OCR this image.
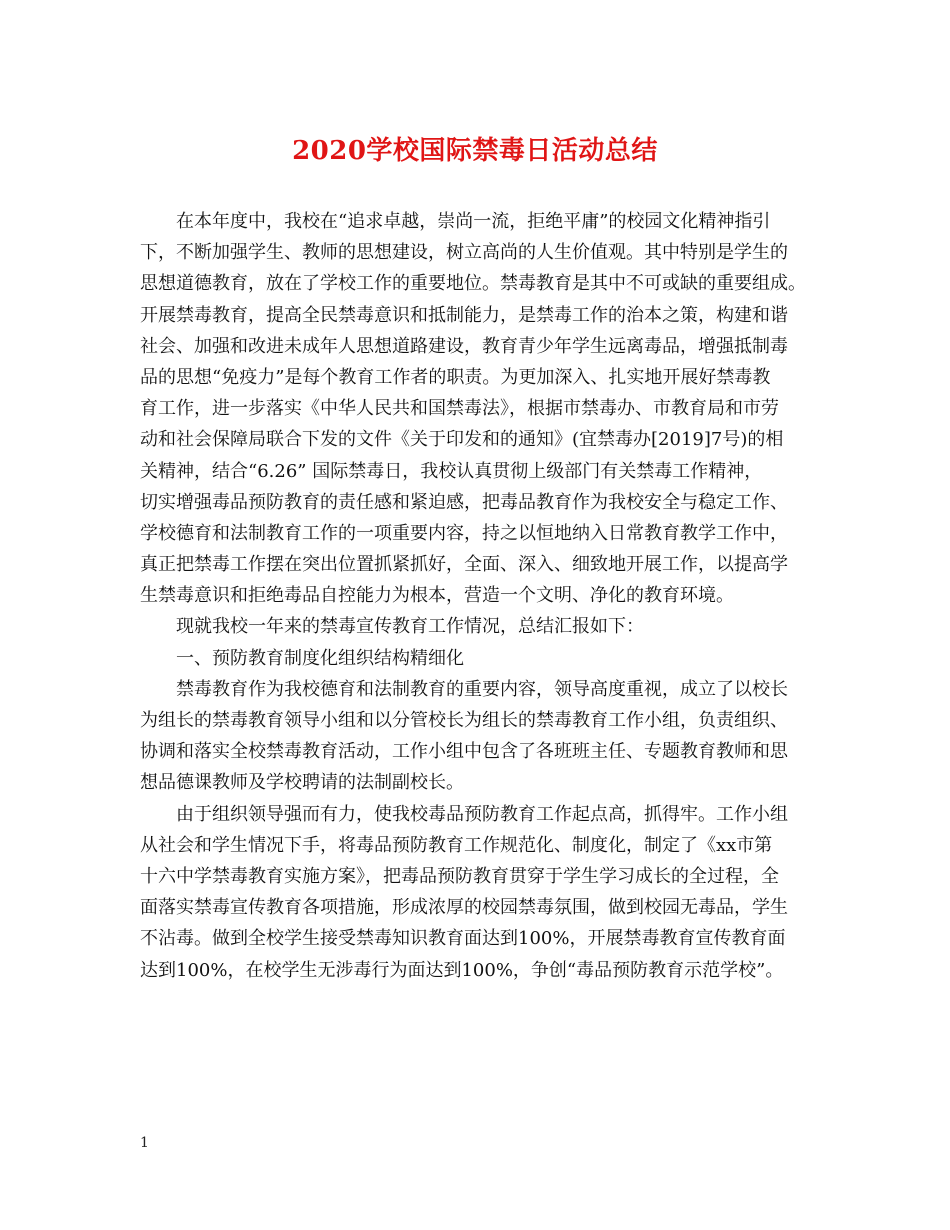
2020学校国际禁毒日活动总结
　　在本年度中，我校在“追求卓越，崇尚一流，拒绝平庸”的校园文化精神指引
下，不断加强学生、教师的思想建设，树立高尚的人生价值观。其中特别是学生的
思想道德教育，放在了学校工作的重要地位。禁毒教育是其中不可或缺的重要组成。
开展禁毒教育，提高全民禁毒意识和抵制能力，是禁毒工作的治本之策，构建和谐
社会、加强和改进未成年人思想道路建设，教育青少年学生远离毒品，增强抵制毒
品的思想“免疫力”是每个教育工作者的职责。为更加深入、扎实地开展好禁毒教
育工作，进一步落实《中华人民共和国禁毒法》，根据市禁毒办、市教育局和市劳
动和社会保障局联合下发的文件《关于印发和的通知》(宜禁毒办[2019]7号)的相
关精神，结合“6.26” 国际禁毒日，我校认真贯彻上级部门有关禁毒工作精神，
切实增强毒品预防教育的责任感和紧迫感，把毒品教育作为我校安全与稳定工作、
学校德育和法制教育工作的一项重要内容，持之以恒地纳入日常教育教学工作中，
真正把禁毒工作摆在突出位置抓紧抓好，全面、深入、细致地开展工作，以提高学
生禁毒意识和拒绝毒品自控能力为根本，营造一个文明、净化的教育环境。
　　现就我校一年来的禁毒宣传教育工作情况，总结汇报如下：
　　一、预防教育制度化组织结构精细化
　　禁毒教育作为我校德育和法制教育的重要内容，领导高度重视，成立了以校长
为组长的禁毒教育领导小组和以分管校长为组长的禁毒教育工作小组，负责组织、
协调和落实全校禁毒教育活动，工作小组中包含了各班班主任、专题教育教师和思
想品德课教师及学校聘请的法制副校长。
　　由于组织领导强而有力，使我校毒品预防教育工作起点高，抓得牢。工作小组
从社会和学生情况下手，将毒品预防教育工作规范化、制度化，制定了《xx市第
十六中学禁毒教育实施方案》，把毒品预防教育贯穿于学生学习成长的全过程，全
面落实禁毒宣传教育各项措施，形成浓厚的校园禁毒氛围，做到校园无毒品，学生
不沾毒。做到全校学生接受禁毒知识教育面达到100%，开展禁毒教育宣传教育面
达到100%，在校学生无涉毒行为面达到100%，争创“毒品预防教育示范学校”。
1
